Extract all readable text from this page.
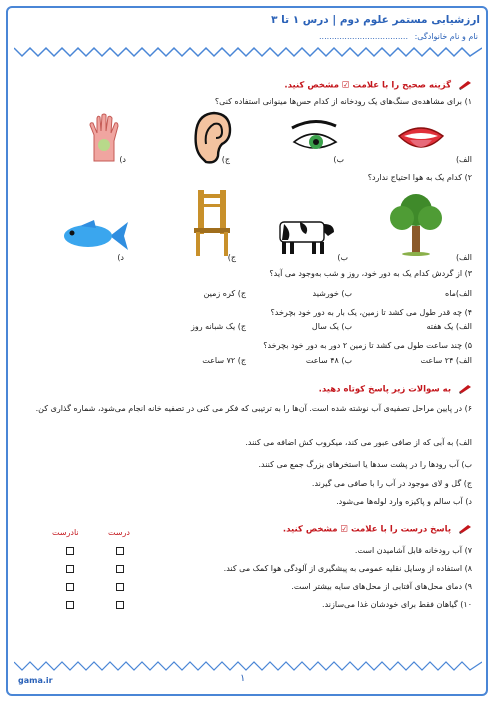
ارزشیابی مستمر علوم دوم | درس ۱ تا ۳
نام و نام خانوادگی:
...................................
گزینه صحیح را با علامت ☑ مشخص کنید.
۱) برای مشاهده‌ی سنگ‌های یک رودخانه از کدام حس‌ها مینوانی استفاده کنی؟
الف)
ب)
ج)
د)
۲) کدام یک به هوا احتیاج ندارد؟
الف)
ب)
ج)
د)
۳) از گردش کدام یک به دور خود، روز و شب به‌وجود می آید؟
الف)ماه
ب) خورشید
ج) کره زمین
۴) چه قدر طول می کشد تا زمین، یک بار به دور خود بچرخد؟
الف) یک هفته
ب) یک سال
ج) یک شبانه روز
۵) چند ساعت طول می کشد تا زمین ۲ دور به دور خود بچرخد؟
الف) ۲۴ ساعت
ب) ۴۸ ساعت
ج) ۷۲ ساعت
به سوالات زیر پاسخ کوتاه دهید.
۶) در پایین مراحل تصفیه‌ی آب نوشته شده است. آن‌ها را به ترتیبی که فکر می کنی در تصفیه خانه انجام می‌شود، شماره گذاری کن.
الف) به آبی که از صافی عبور می کند، میکروب کش اضافه می کنند.
ب) آب رودها را در پشت سدها یا استخرهای بزرگ جمع می کنند.
ج) گل و لای موجود در آب را با صافی می گیرند.
د) آب سالم و پاکیزه وارد لوله‌ها می‌شود.
پاسخ درست را با علامت ☑ مشخص کنید.
درست
نادرست
۷) آب رودخانه قابل آشامیدن است.
۸) استفاده از وسایل نقلیه عمومی به پیشگیری از آلودگی هوا کمک می کند.
۹) دمای محل‌های آفتابی از محل‌های سایه بیشتر است.
۱۰) گیاهان فقط برای خودشان غذا می‌سازند.
gama.ir	۱
